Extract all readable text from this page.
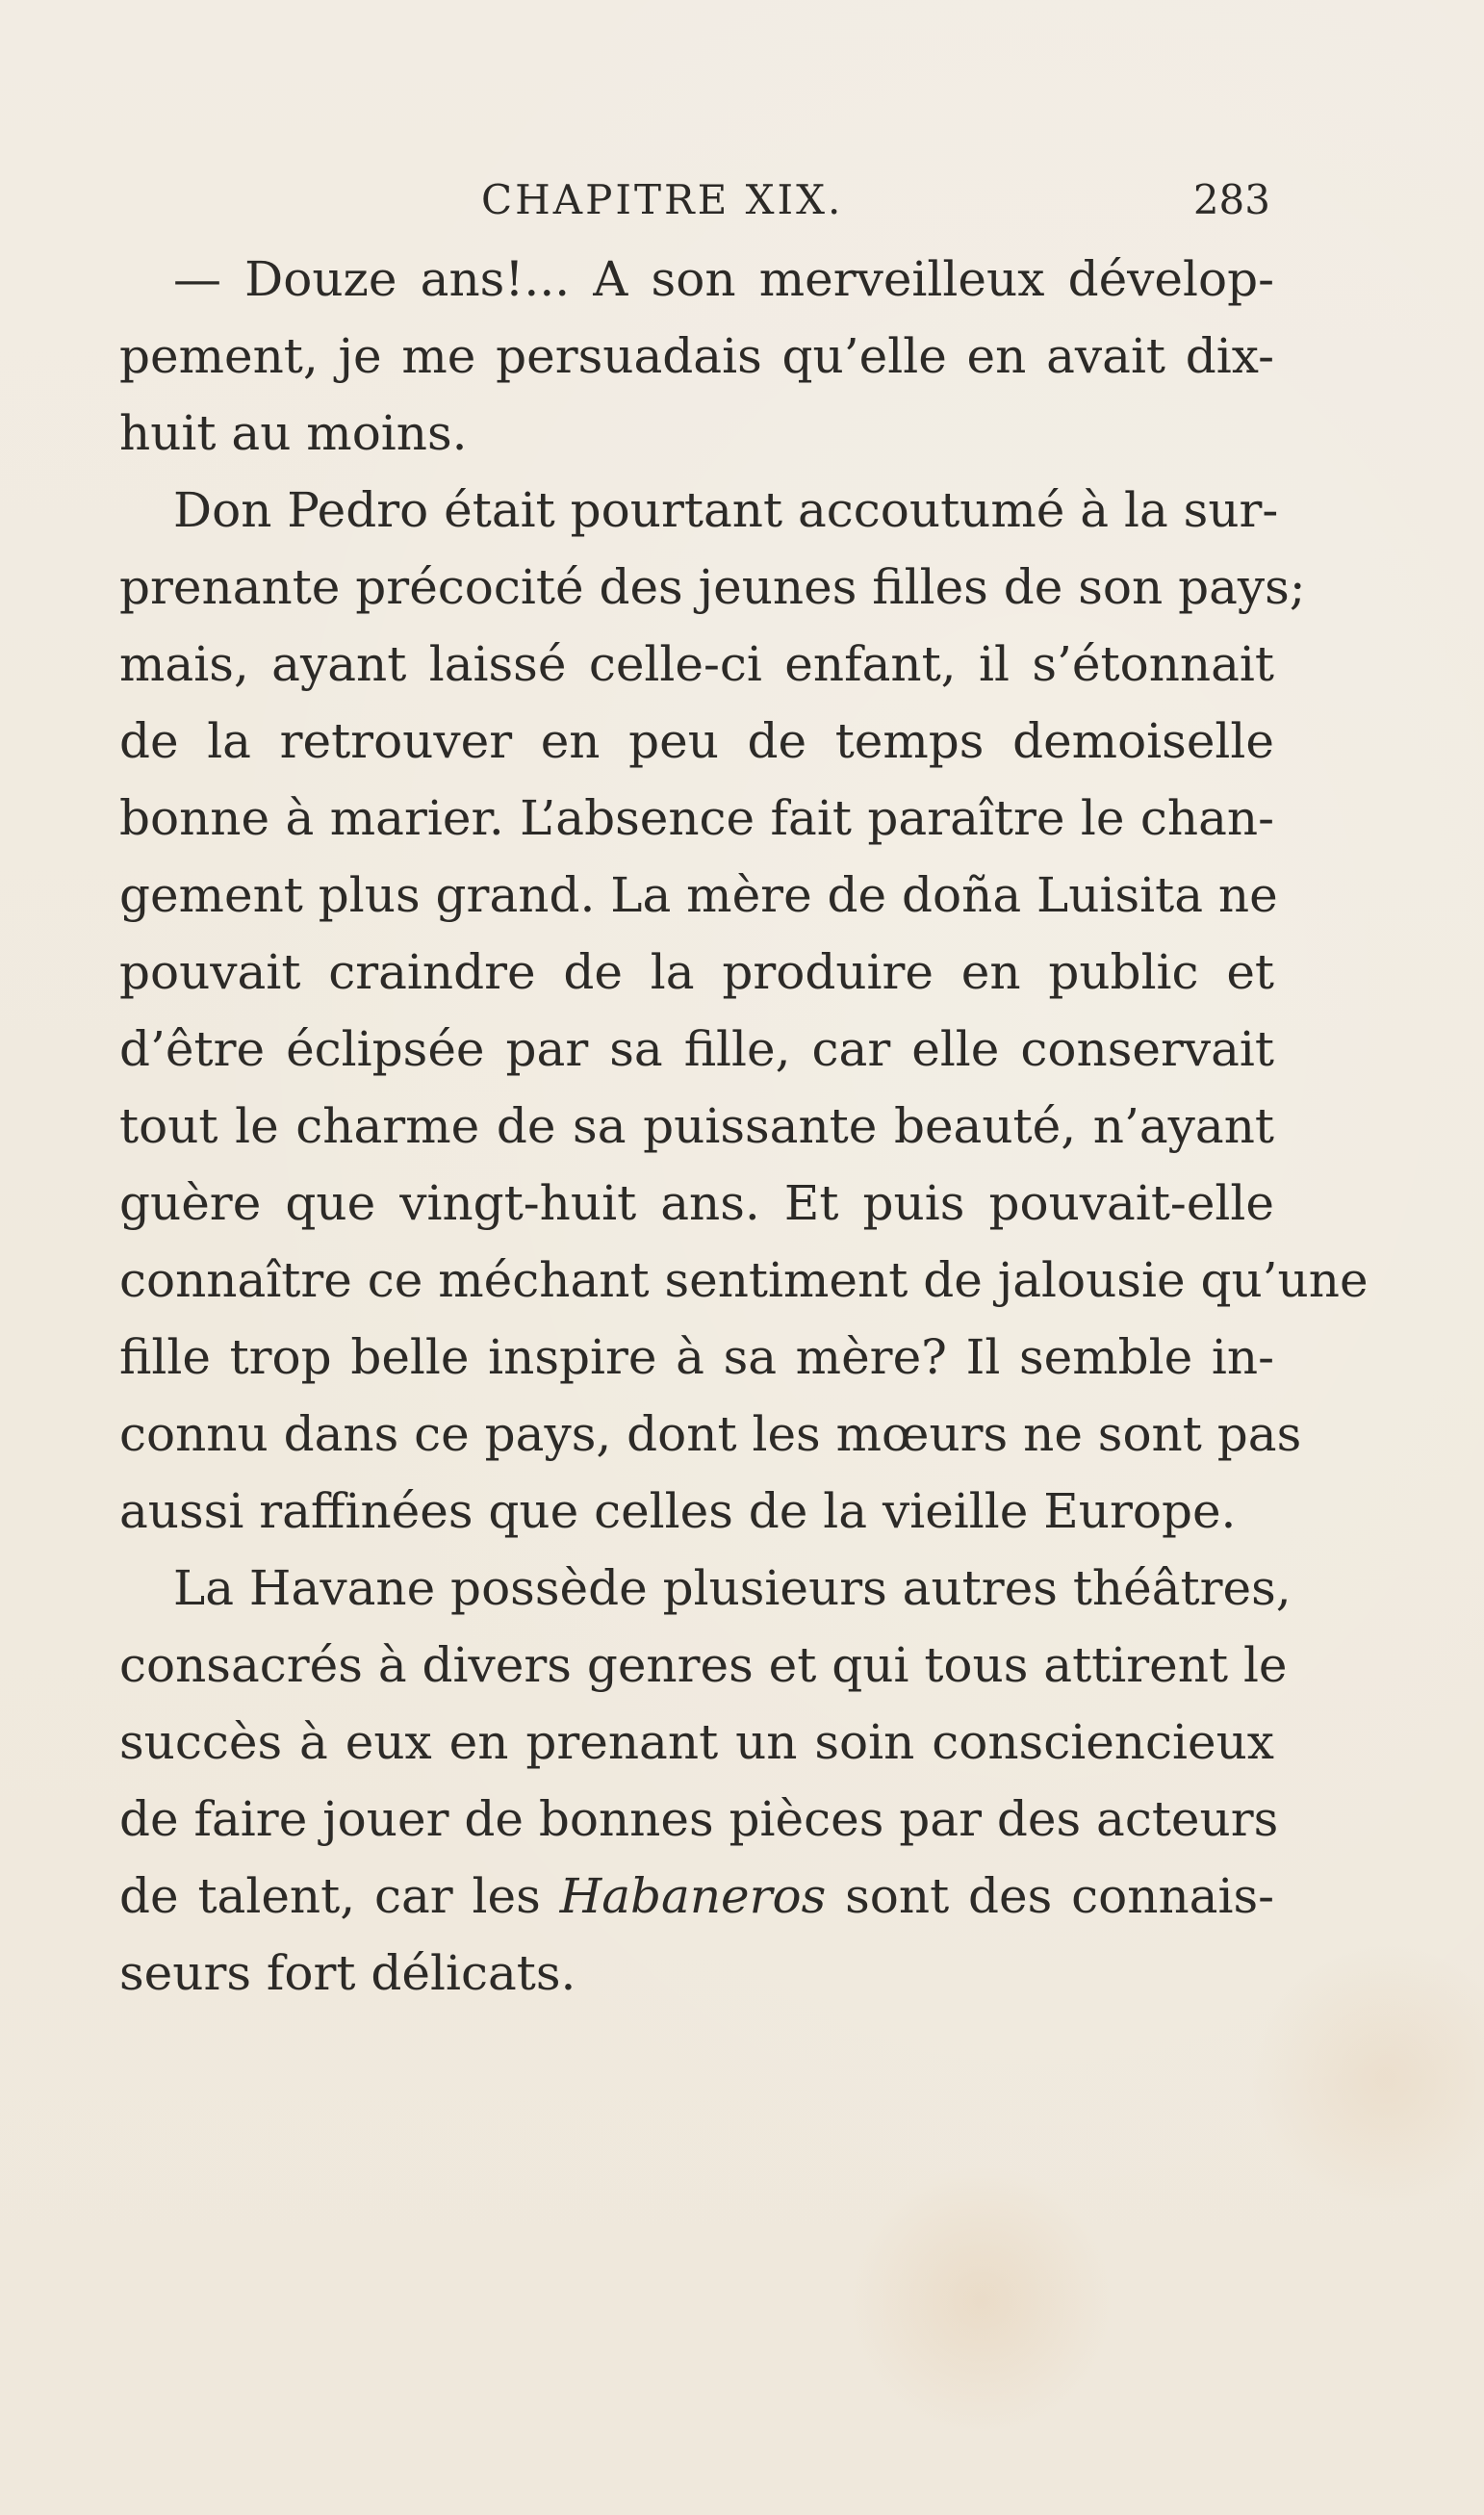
CHAPITRE XIX.	283
— Douze ans!... A son merveilleux dévelop-
pement, je me persuadais qu’elle en avait dix-
huit au moins.
Don Pedro était pourtant accoutumé à la sur-
prenante précocité des jeunes filles de son pays;
mais, ayant laissé celle-ci enfant, il s’étonnait
de la retrouver en peu de temps demoiselle
bonne à marier. L’absence fait paraître le chan-
gement plus grand. La mère de doña Luisita ne
pouvait craindre de la produire en public et
d’être éclipsée par sa fille, car elle conservait
tout le charme de sa puissante beauté, n’ayant
guère que vingt-huit ans. Et puis pouvait-elle
connaître ce méchant sentiment de jalousie qu’une
fille trop belle inspire à sa mère? Il semble in-
connu dans ce pays, dont les mœurs ne sont pas
aussi raffinées que celles de la vieille Europe.
La Havane possède plusieurs autres théâtres,
consacrés à divers genres et qui tous attirent le
succès à eux en prenant un soin consciencieux
de faire jouer de bonnes pièces par des acteurs
de talent, car les Habaneros sont des connais-
seurs fort délicats.
